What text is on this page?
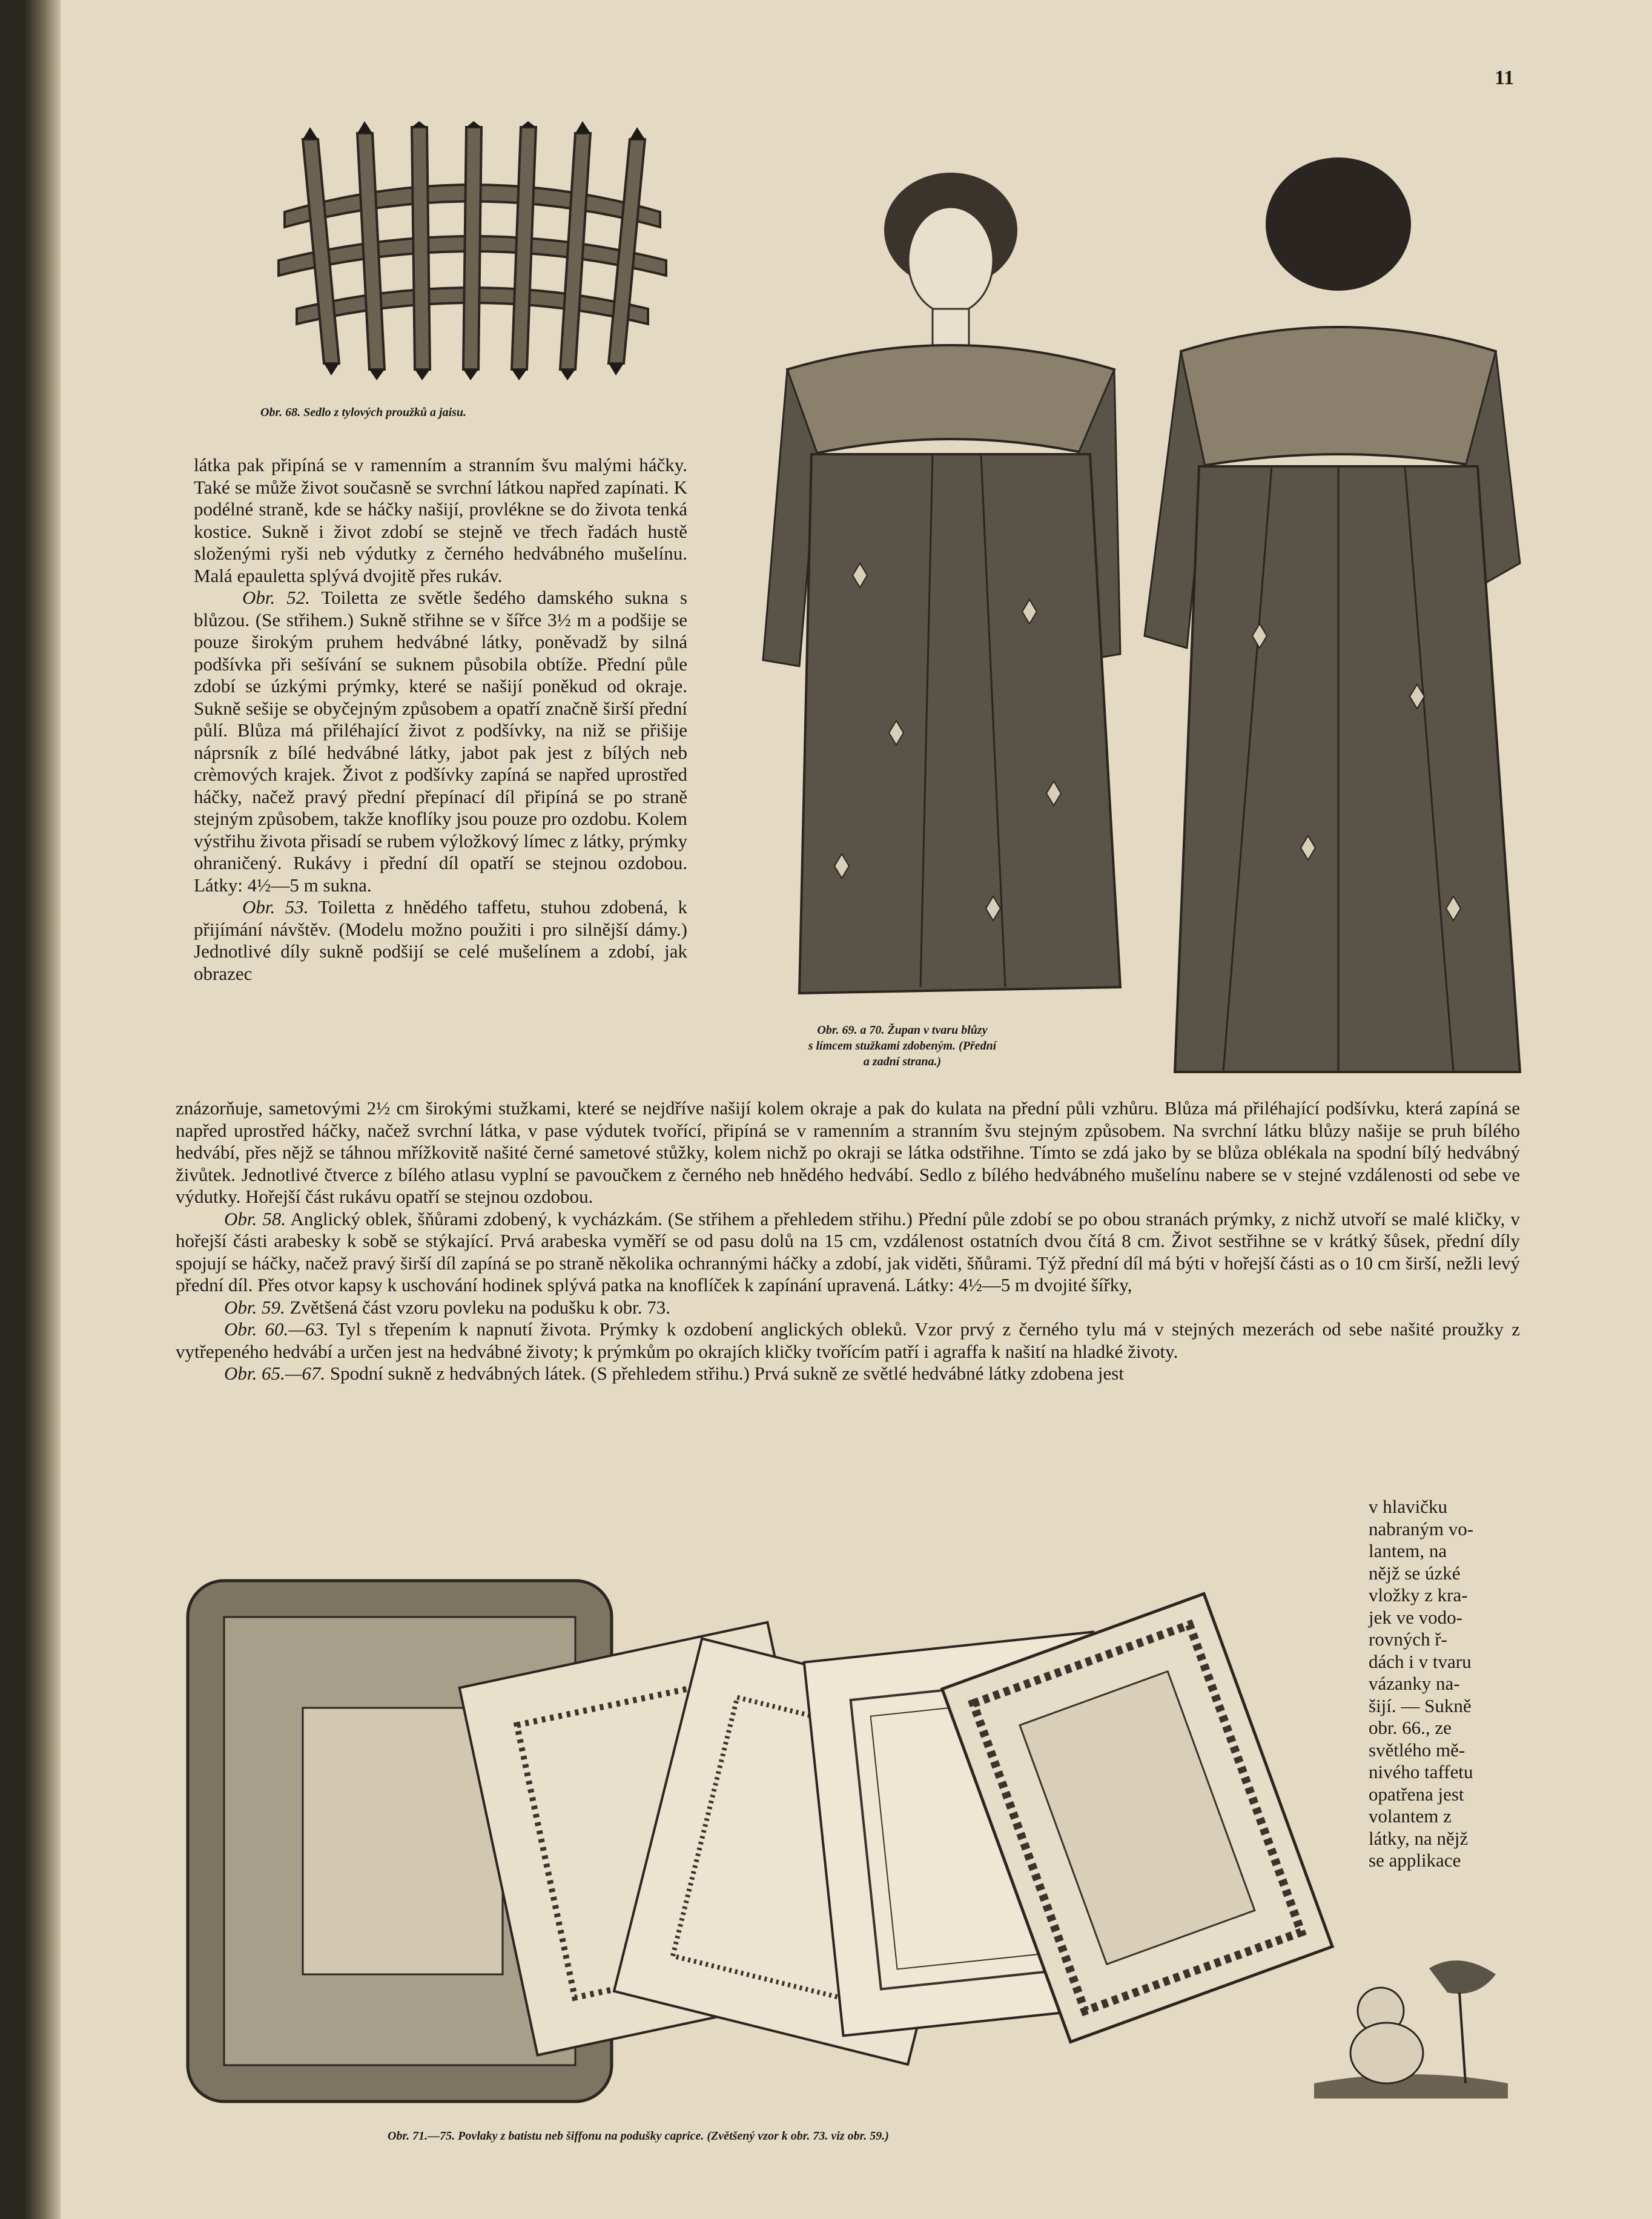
11
Obr. 68. Sedlo z tylových proužků a jaisu.
Obr. 69. a 70. Župan v tvaru blůzy
s límcem stužkami zdobeným. (Přední
a zadní strana.)

látka pak připíná se v ramenním a stranním švu malými háčky. Také se může život současně se svrchní látkou napřed zapínati. K podélné straně, kde se háčky našijí, provlékne se do života tenká kostice. Sukně i život zdobí se stejně ve třech řadách hustě složenými ryši neb výdutky z černého hedvábného mušelínu. Malá epauletta splývá dvojitě přes rukáv.

Obr. 52. Toiletta ze světle šedého damského sukna s blůzou. (Se střihem.) Sukně střihne se v šířce 3½ m a podšije se pouze širokým pruhem hedvábné látky, poněvadž by silná podšívka při sešívání se suknem působila obtíže. Přední půle zdobí se úzkými prýmky, které se našijí poněkud od okraje. Sukně sešije se obyčejným způsobem a opatří značně širší přední půlí. Blůza má přiléhající život z podšívky, na niž se přišije náprsník z bílé hedvábné látky, jabot pak jest z bílých neb crèmových krajek. Život z podšívky zapíná se napřed uprostřed háčky, načež pravý přední přepínací díl připíná se po straně stejným způsobem, takže knoflíky jsou pouze pro ozdobu. Kolem výstřihu života přisadí se rubem výložkový límec z látky, prýmky ohraničený. Rukávy i přední díl opatří se stejnou ozdobou. Látky: 4½—5 m sukna.

Obr. 53. Toiletta z hnědého taffetu, stuhou zdobená, k přijímání návštěv. (Modelu možno použiti i pro silnější dámy.) Jednotlivé díly sukně podšijí se celé mušelínem a zdobí, jak obrazec

znázorňuje, sametovými 2½ cm širokými stužkami, které se nejdříve našijí kolem okraje a pak do kulata na přední půli vzhůru. Blůza má přiléhající podšívku, která zapíná se napřed uprostřed háčky, načež svrchní látka, v pase výdutek tvořící, připíná se v ramenním a stranním švu stejným způsobem. Na svrchní látku blůzy našije se pruh bílého hedvábí, přes nějž se táhnou mřížkovitě našité černé sametové stůžky, kolem nichž po okraji se látka odstřihne. Tímto se zdá jako by se blůza oblékala na spodní bílý hedvábný živůtek. Jednotlivé čtverce z bílého atlasu vyplní se pavoučkem z černého neb hnědého hedvábí. Sedlo z bílého hedvábného mušelínu nabere se v stejné vzdálenosti od sebe ve výdutky. Hořejší část rukávu opatří se stejnou ozdobou.

Obr. 58. Anglický oblek, šňůrami zdobený, k vycházkám. (Se střihem a přehledem střihu.) Přední půle zdobí se po obou stranách prýmky, z nichž utvoří se malé kličky, v hořejší části arabesky k sobě se stýkající. Prvá arabeska vyměří se od pasu dolů na 15 cm, vzdálenost ostatních dvou čítá 8 cm. Život sestřihne se v krátký šůsek, přední díly spojují se háčky, načež pravý širší díl zapíná se po straně několika ochrannými háčky a zdobí, jak viděti, šňůrami. Týž přední díl má býti v hořejší části as o 10 cm širší, nežli levý přední díl. Přes otvor kapsy k uschování hodinek splývá patka na knoflíček k zapínání upravená. Látky: 4½—5 m dvojité šířky,

Obr. 59. Zvětšená část vzoru povleku na podušku k obr. 73.

Obr. 60.—63. Tyl s třepením k napnutí života. Prýmky k ozdobení anglických obleků. Vzor prvý z černého tylu má v stejných mezerách od sebe našité proužky z vytřepeného hedvábí a určen jest na hedvábné životy; k prýmkům po okrajích kličky tvořícím patří i agraffa k našití na hladké životy.

Obr. 65.—67. Spodní sukně z hedvábných látek. (S přehledem střihu.) Prvá sukně ze světlé hedvábné látky zdobena jest

v hlavičku
nabraným vo-
lantem, na
nějž se úzké
vložky z kra-
jek ve vodo-
rovných ř-
dách i v tvaru
vázanky na-
šijí. — Sukně
obr. 66., ze
světlého mě-
nivého taffetu
opatřena jest
volantem z
látky, na nějž
se applikace
Obr. 71.—75. Povlaky z batistu neb šiffonu na podušky caprice. (Zvětšený vzor k obr. 73. viz obr. 59.)
